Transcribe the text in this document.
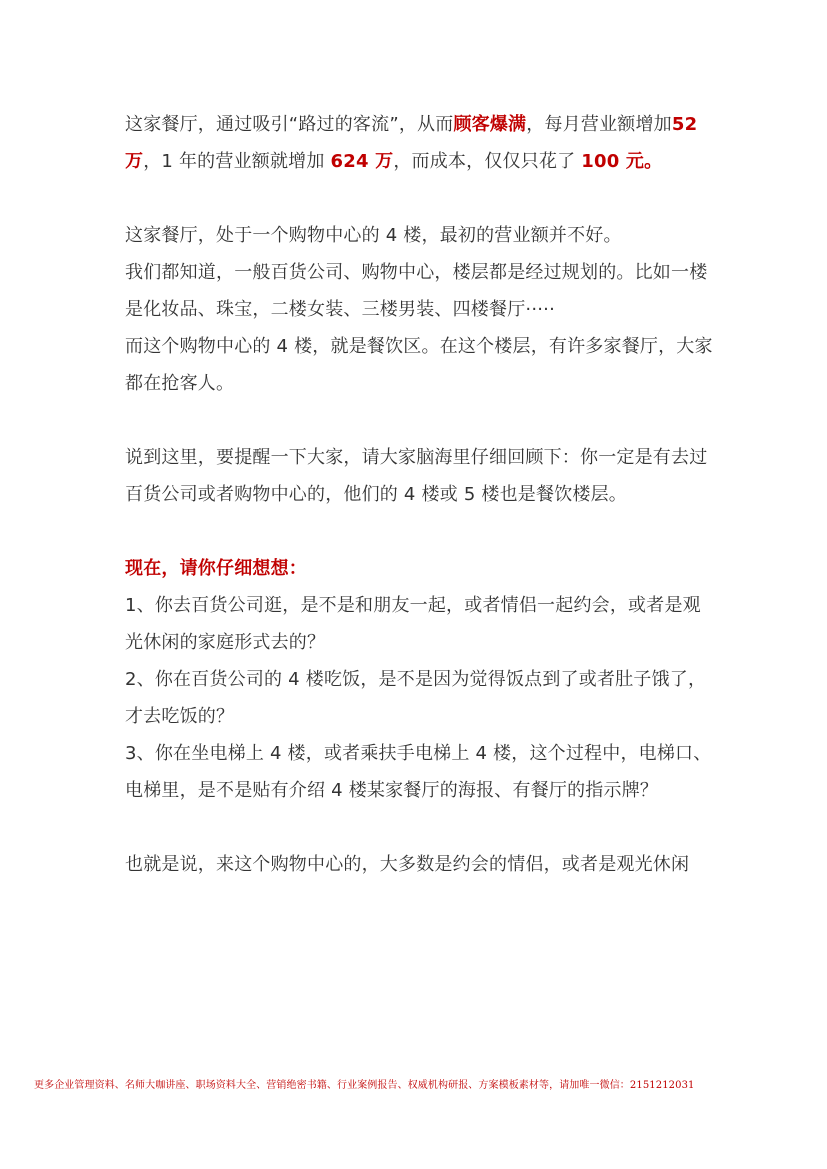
这家餐厅，通过吸引“路过的客流”，从而顾客爆满，每月营业额增加52 万，1 年的营业额就增加 624 万，而成本，仅仅只花了 100 元。

这家餐厅，处于一个购物中心的 4 楼，最初的营业额并不好。

我们都知道，一般百货公司、购物中心，楼层都是经过规划的。比如一楼是化妆品、珠宝，二楼女装、三楼男装、四楼餐厅·····

而这个购物中心的 4 楼，就是餐饮区。在这个楼层，有许多家餐厅，大家都在抢客人。

说到这里，要提醒一下大家，请大家脑海里仔细回顾下：你一定是有去过百货公司或者购物中心的，他们的 4 楼或 5 楼也是餐饮楼层。

现在，请你仔细想想：

1、你去百货公司逛，是不是和朋友一起，或者情侣一起约会，或者是观光休闲的家庭形式去的？

2、你在百货公司的 4 楼吃饭，是不是因为觉得饭点到了或者肚子饿了，才去吃饭的？

3、你在坐电梯上 4 楼，或者乘扶手电梯上 4 楼，这个过程中，电梯口、电梯里，是不是贴有介绍 4 楼某家餐厅的海报、有餐厅的指示牌？

也就是说，来这个购物中心的，大多数是约会的情侣，或者是观光休闲

更多企业管理资料、名师大咖讲座、职场资料大全、营销绝密书籍、行业案例报告、权威机构研报、方案模板素材等，请加唯一微信：2151212031
